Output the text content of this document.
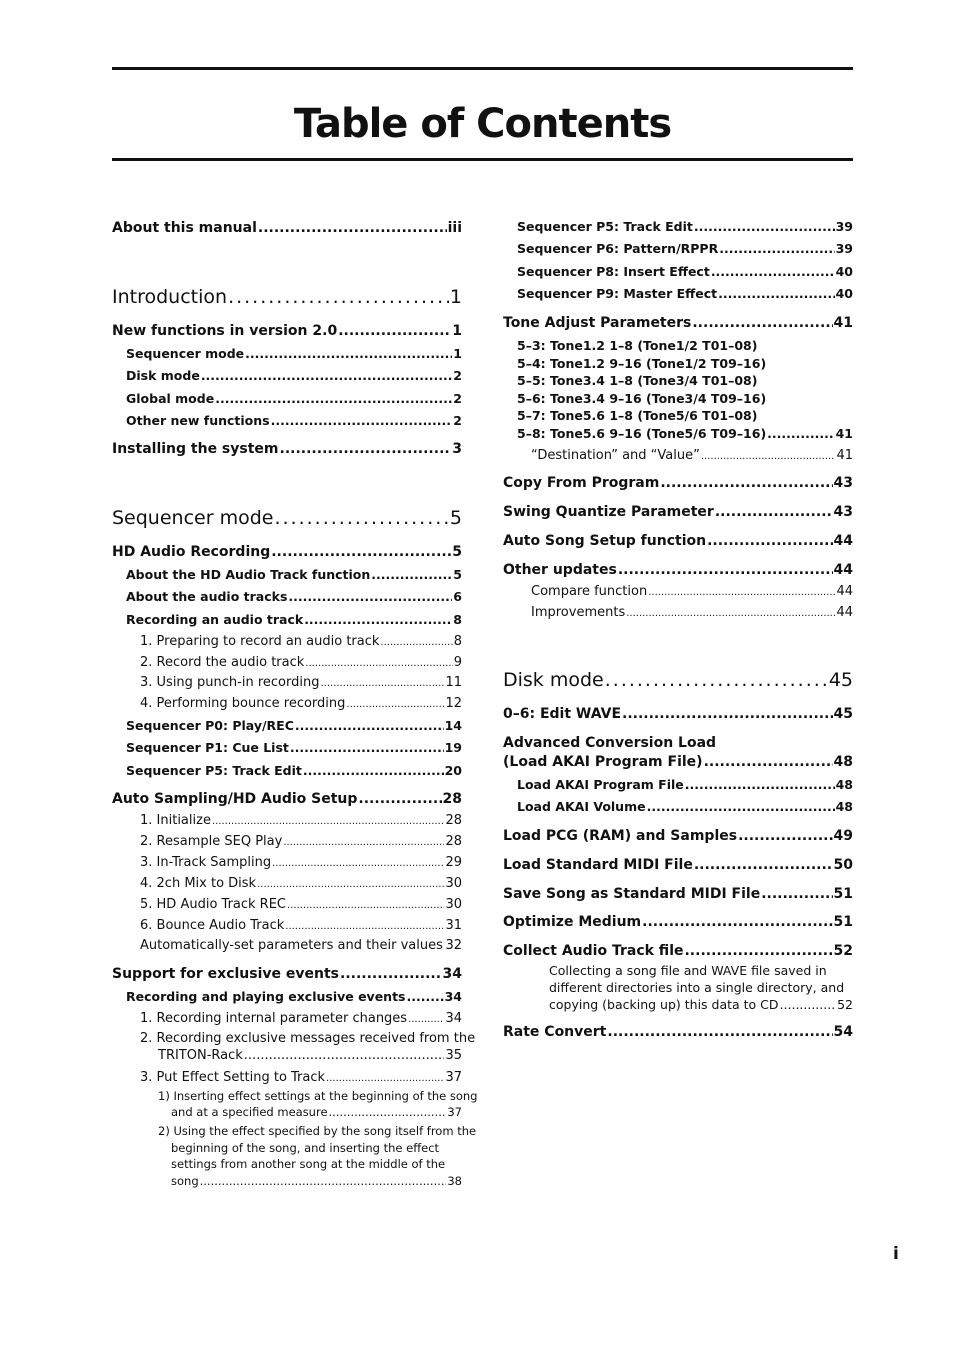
Table of Contents
About this manual .....	iii
Introduction .....	1
New functions in version 2.0 .....	1
Sequencer mode .....	1
Disk mode .....	2
Global mode .....	2
Other new functions .....	2
Installing the system .....	3
Sequencer mode .....	5
HD Audio Recording .....	5
About the HD Audio Track function .....	5
About the audio tracks .....	6
Recording an audio track .....	8
1. Preparing to record an audio track .....	8
2. Record the audio track .....	9
3. Using punch-in recording .....	11
4. Performing bounce recording .....	12
Sequencer P0: Play/REC .....	14
Sequencer P1: Cue List .....	19
Sequencer P5: Track Edit .....	20
Auto Sampling/HD Audio Setup .....	28
1. Initialize .....	28
2. Resample SEQ Play .....	28
3. In-Track Sampling .....	29
4. 2ch Mix to Disk .....	30
5. HD Audio Track REC .....	30
6. Bounce Audio Track .....	31
Automatically-set parameters and their values ..... 32
Support for exclusive events .....	34
Recording and playing exclusive events .....	34
1. Recording internal parameter changes .....	34
2. Recording exclusive messages received from the
TRITON-Rack .....	35
3. Put Effect Setting to Track .....	37
1) Inserting effect settings at the beginning of the song
and at a specified measure .....	37
2) Using the effect specified by the song itself from the
beginning of the song, and inserting the effect
settings from another song at the middle of the
song .....	38
Sequencer P5: Track Edit .....	39
Sequencer P6: Pattern/RPPR .....	39
Sequencer P8: Insert Effect .....	40
Sequencer P9: Master Effect .....	40
Tone Adjust Parameters .....	41
5–3: Tone1.2 1–8 (Tone1/2 T01–08)
5–4: Tone1.2 9–16 (Tone1/2 T09–16)
5–5: Tone3.4 1–8 (Tone3/4 T01–08)
5–6: Tone3.4 9–16 (Tone3/4 T09–16)
5–7: Tone5.6 1–8 (Tone5/6 T01–08)
5–8: Tone5.6 9–16 (Tone5/6 T09–16) .....	41
“Destination” and “Value” .....	41
Copy From Program .....	43
Swing Quantize Parameter .....	43
Auto Song Setup function .....	44
Other updates .....	44
Compare function .....	44
Improvements .....	44
Disk mode .....	45
0–6: Edit WAVE .....	45
Advanced Conversion Load
(Load AKAI Program File) .....	48
Load AKAI Program File .....	48
Load AKAI Volume .....	48
Load PCG (RAM) and Samples .....	49
Load Standard MIDI File .....	50
Save Song as Standard MIDI File .....	51
Optimize Medium .....	51
Collect Audio Track file .....	52
Collecting a song file and WAVE file saved in
different directories into a single directory, and
copying (backing up) this data to CD .....	52
Rate Convert .....	54
i
